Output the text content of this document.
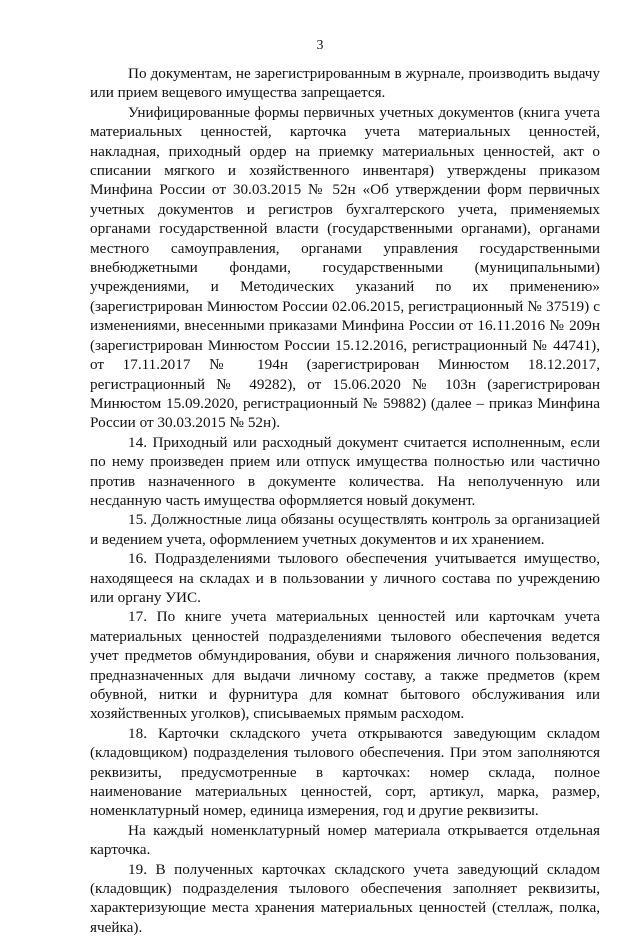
3

По документам, не зарегистрированным в журнале, производить выдачу или прием вещевого имущества запрещается.

Унифицированные формы первичных учетных документов (книга учета материальных ценностей, карточка учета материальных ценностей, накладная, приходный ордер на приемку материальных ценностей, акт о списании мягкого и хозяйственного инвентаря) утверждены приказом Минфина России от 30.03.2015 № 52н «Об утверждении форм первичных учетных документов и регистров бухгалтерского учета, применяемых органами государственной власти (государственными органами), органами местного самоуправления, органами управления государственными внебюджетными фондами, государственными (муниципальными) учреждениями, и Методических указаний по их применению» (зарегистрирован Минюстом России 02.06.2015, регистрационный № 37519) с изменениями, внесенными приказами Минфина России от 16.11.2016 № 209н (зарегистрирован Минюстом России 15.12.2016, регистрационный № 44741), от 17.11.2017 № 194н (зарегистрирован Минюстом 18.12.2017, регистрационный № 49282), от 15.06.2020 № 103н (зарегистрирован Минюстом 15.09.2020, регистрационный № 59882) (далее – приказ Минфина России от 30.03.2015 № 52н).

14. Приходный или расходный документ считается исполненным, если по нему произведен прием или отпуск имущества полностью или частично против назначенного в документе количества. На неполученную или несданную часть имущества оформляется новый документ.

15. Должностные лица обязаны осуществлять контроль за организацией и ведением учета, оформлением учетных документов и их хранением.

16. Подразделениями тылового обеспечения учитывается имущество, находящееся на складах и в пользовании у личного состава по учреждению или органу УИС.

17. По книге учета материальных ценностей или карточкам учета материальных ценностей подразделениями тылового обеспечения ведется учет предметов обмундирования, обуви и снаряжения личного пользования, предназначенных для выдачи личному составу, а также предметов (крем обувной, нитки и фурнитура для комнат бытового обслуживания или хозяйственных уголков), списываемых прямым расходом.

18. Карточки складского учета открываются заведующим складом (кладовщиком) подразделения тылового обеспечения. При этом заполняются реквизиты, предусмотренные в карточках: номер склада, полное наименование материальных ценностей, сорт, артикул, марка, размер, номенклатурный номер, единица измерения, год и другие реквизиты.

На каждый номенклатурный номер материала открывается отдельная карточка.

19. В полученных карточках складского учета заведующий складом (кладовщик) подразделения тылового обеспечения заполняет реквизиты, характеризующие места хранения материальных ценностей (стеллаж, полка, ячейка).
